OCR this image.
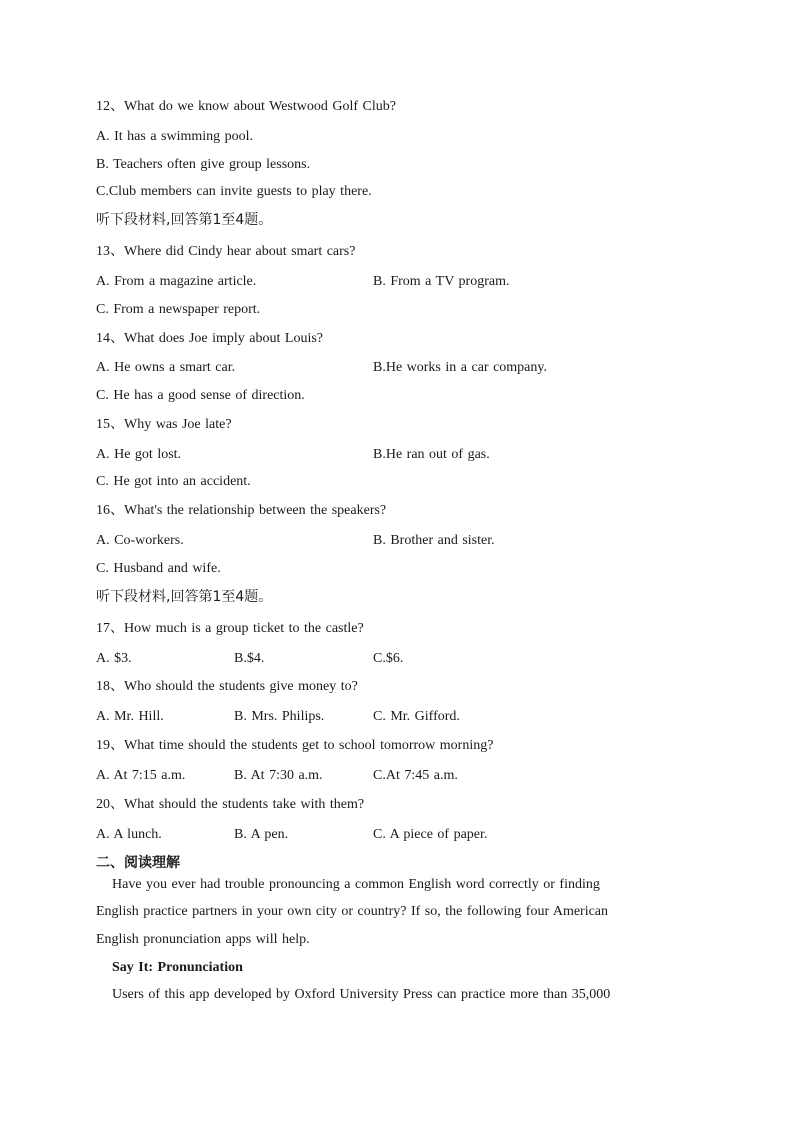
12、What do we know about Westwood Golf Club?
A. It has a swimming pool.
B. Teachers often give group lessons.
C.Club members can invite guests to play there.
听下段材料,回答第1至4题。
13、Where did Cindy hear about smart cars?
A. From a magazine article.	B. From a TV program.
C. From a newspaper report.
14、What does Joe imply about Louis?
A. He owns a smart car.	B.He works in a car company.
C. He has a good sense of direction.
15、Why was Joe late?
A. He got lost.	B.He ran out of gas.
C. He got into an accident.
16、What's the relationship between the speakers?
A. Co-workers.	B. Brother and sister.
C. Husband and wife.
听下段材料,回答第1至4题。
17、How much is a group ticket to the castle?
A. $3.	B.$4.	C.$6.
18、Who should the students give money to?
A. Mr. Hill.	B. Mrs. Philips.	C. Mr. Gifford.
19、What time should the students get to school tomorrow morning?
A. At 7:15 a.m.	B. At 7:30 a.m.	C.At 7:45 a.m.
20、What should the students take with them?
A. A lunch.	B. A pen.	C. A piece of paper.
二、阅读理解
Have you ever had trouble pronouncing a common English word correctly or finding
English practice partners in your own city or country? If so, the following four American
English pronunciation apps will help.
Say It: Pronunciation
Users of this app developed by Oxford University Press can practice more than 35,000
